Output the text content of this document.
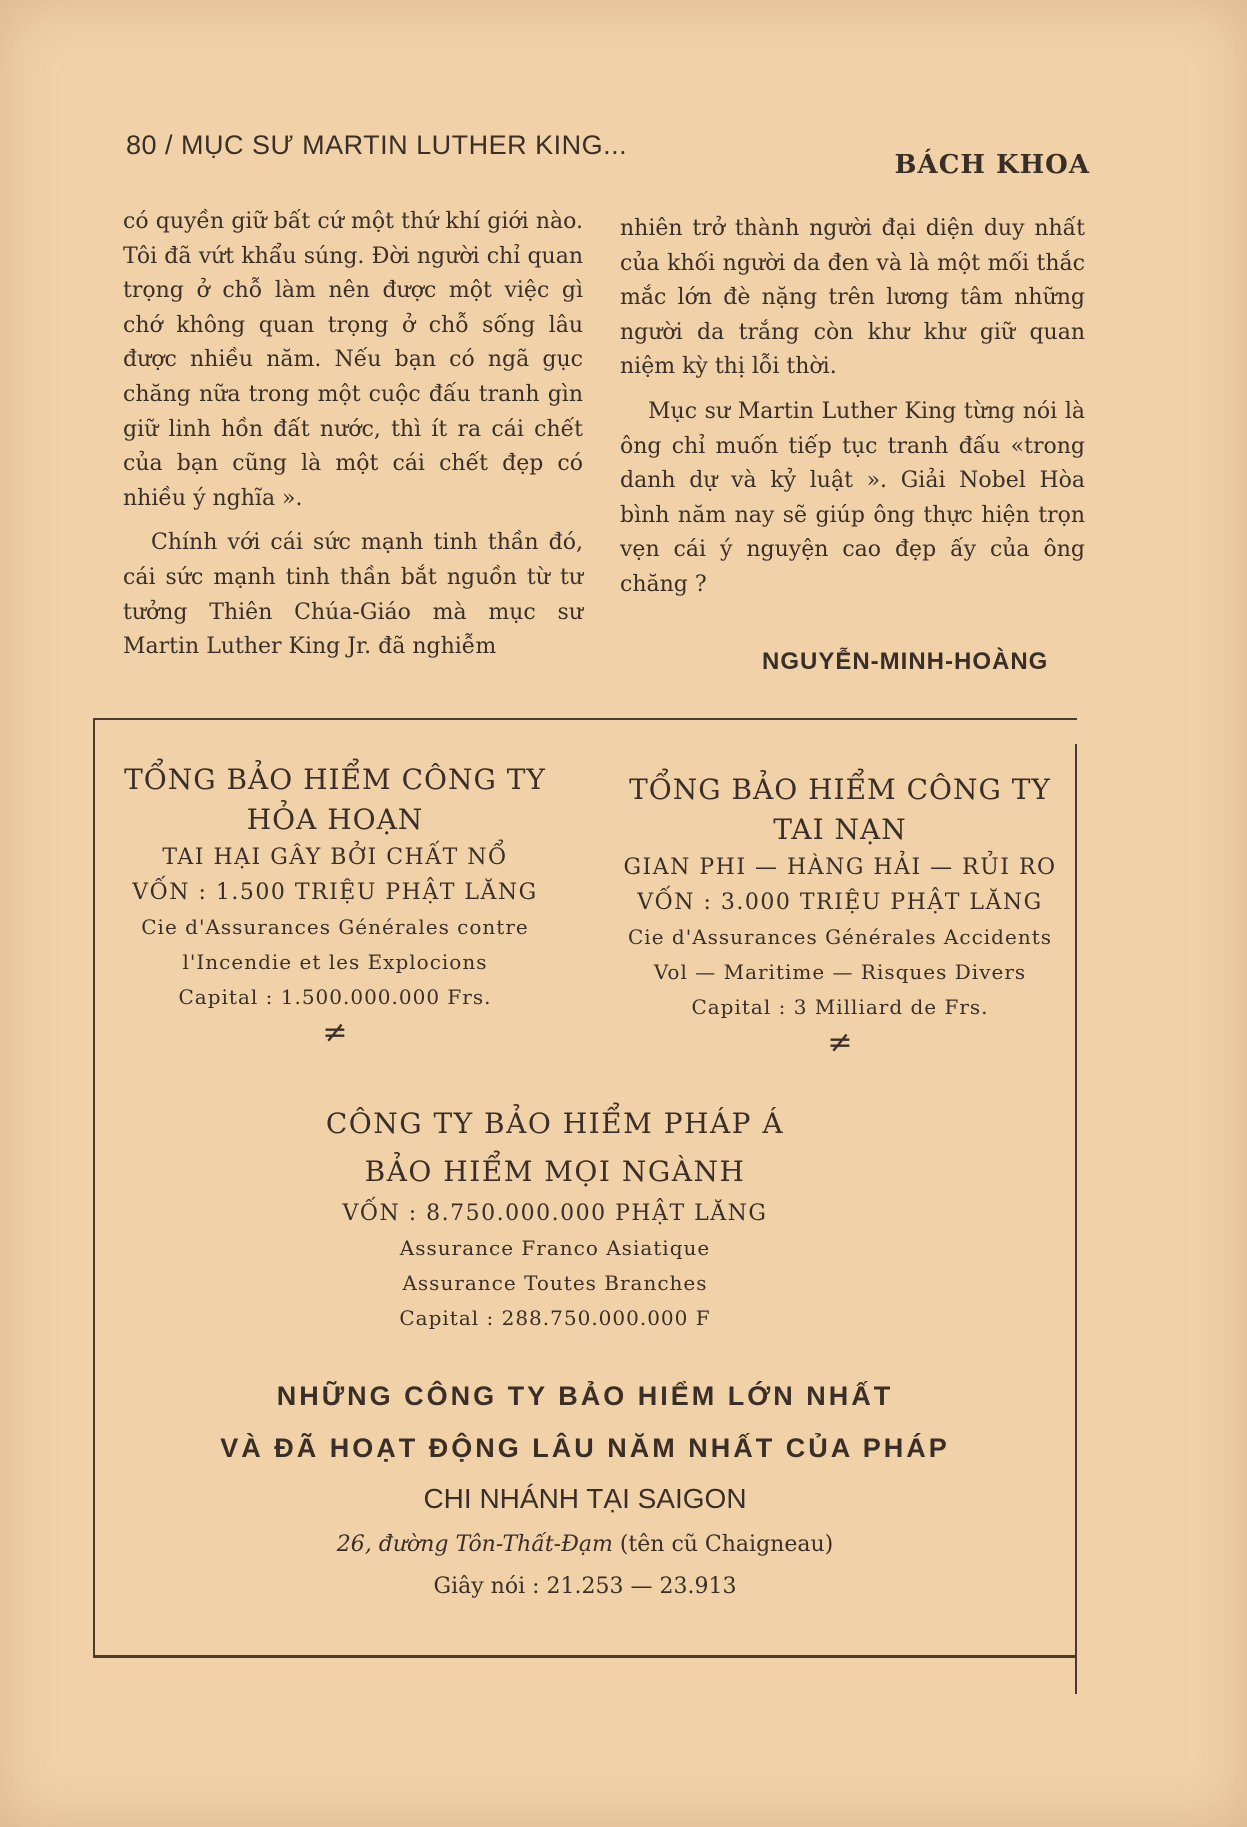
80 / MỤC SƯ MARTIN LUTHER KING...
BÁCH KHOA

có quyền giữ bất cứ một thứ khí giới nào. Tôi đã vứt khẩu súng. Đời người chỉ quan trọng ở chỗ làm nên được một việc gì chớ không quan trọng ở chỗ sống lâu được nhiều năm. Nếu bạn có ngã gục chăng nữa trong một cuộc đấu tranh gìn giữ linh hồn đất nước, thì ít ra cái chết của bạn cũng là một cái chết đẹp có nhiều ý nghĩa ».

Chính với cái sức mạnh tinh thần đó, cái sức mạnh tinh thần bắt nguồn từ tư tưởng Thiên Chúa-Giáo mà mục sư Martin Luther King Jr. đã nghiễm

nhiên trở thành người đại diện duy nhất của khối người da đen và là một mối thắc mắc lớn đè nặng trên lương tâm những người da trắng còn khư khư giữ quan niệm kỳ thị lỗi thời.

Mục sư Martin Luther King từng nói là ông chỉ muốn tiếp tục tranh đấu «trong danh dự và kỷ luật ». Giải Nobel Hòa bình năm nay sẽ giúp ông thực hiện trọn vẹn cái ý nguyện cao đẹp ấy của ông chăng ?

NGUYỄN-MINH-HOÀNG
TỔNG BẢO HIỂM CÔNG TY
HỎA HOẠN
TAI HẠI GÂY BỞI CHẤT NỔ
VỐN : 1.500 TRIỆU PHẬT LĂNG
Cie d'Assurances Générales contre
l'Incendie et les Explocions
Capital : 1.500.000.000 Frs.
≠
TỔNG BẢO HIỂM CÔNG TY
TAI NẠN
GIAN PHI — HÀNG HẢI — RỦI RO
VỐN : 3.000 TRIỆU PHẬT LĂNG
Cie d'Assurances Générales Accidents
Vol — Maritime — Risques Divers
Capital : 3 Milliard de Frs.
≠
CÔNG TY BẢO HIỂM PHÁP Á
BẢO HIỂM MỌI NGÀNH
VỐN : 8.750.000.000 PHẬT LĂNG
Assurance Franco Asiatique
Assurance Toutes Branches
Capital : 288.750.000.000 F
NHỮNG CÔNG TY BẢO HIỂM LỚN NHẤT
VÀ ĐÃ HOẠT ĐỘNG LÂU NĂM NHẤT CỦA PHÁP
CHI NHÁNH TẠI SAIGON
26, đường Tôn-Thất-Đạm (tên cũ Chaigneau)
Giây nói : 21.253 — 23.913
